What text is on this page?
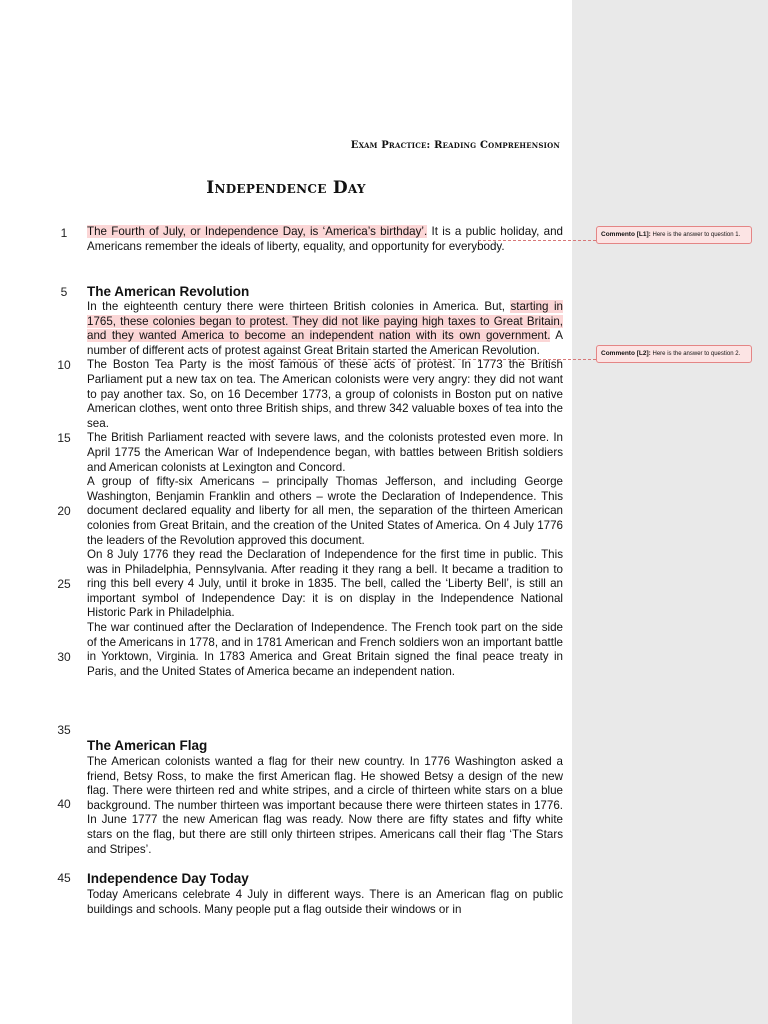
Exam Practice: Reading Comprehension
Independence Day
1
5
10
15
20
25
30
35
40
45

The Fourth of July, or Independence Day, is ‘America’s birthday’. It is a public holiday, and Americans remember the ideals of liberty, equality, and opportunity for everybody.

The American Revolution

In the eighteenth century there were thirteen British colonies in America. But, starting in 1765, these colonies began to protest. They did not like paying high taxes to Great Britain, and they wanted America to become an independent nation with its own government. A number of different acts of protest against Great Britain started the American Revolution.

The Boston Tea Party is the most famous of these acts of protest. In 1773 the British Parliament put a new tax on tea. The American colonists were very angry: they did not want to pay another tax. So, on 16 December 1773, a group of colonists in Boston put on native American clothes, went onto three British ships, and threw 342 valuable boxes of tea into the sea.

The British Parliament reacted with severe laws, and the colonists protested even more. In April 1775 the American War of Independence began, with battles between British soldiers and American colonists at Lexington and Concord.

A group of fifty-six Americans – principally Thomas Jefferson, and including George Washington, Benjamin Franklin and others – wrote the Declaration of Independence. This document declared equality and liberty for all men, the separation of the thirteen American colonies from Great Britain, and the creation of the United States of America. On 4 July 1776 the leaders of the Revolution approved this document.

On 8 July 1776 they read the Declaration of Independence for the first time in public. This was in Philadelphia, Pennsylvania. After reading it they rang a bell. It became a tradition to ring this bell every 4 July, until it broke in 1835. The bell, called the ‘Liberty Bell’, is still an important symbol of Independence Day: it is on display in the Independence National Historic Park in Philadelphia.

The war continued after the Declaration of Independence. The French took part on the side of the Americans in 1778, and in 1781 American and French soldiers won an important battle in Yorktown, Virginia. In 1783 America and Great Britain signed the final peace treaty in Paris, and the United States of America became an independent nation.

The American Flag

The American colonists wanted a flag for their new country. In 1776 Washington asked a friend, Betsy Ross, to make the first American flag. He showed Betsy a design of the new flag. There were thirteen red and white stripes, and a circle of thirteen white stars on a blue background. The number thirteen was important because there were thirteen states in 1776. In June 1777 the new American flag was ready. Now there are fifty states and fifty white stars on the flag, but there are still only thirteen stripes. Americans call their flag ‘The Stars and Stripes’.

Independence Day Today

Today Americans celebrate 4 July in different ways. There is an American flag on public buildings and schools. Many people put a flag outside their windows or in

Commento [L1]: Here is the answer to question 1.
Commento [L2]: Here is the answer to question 2.
